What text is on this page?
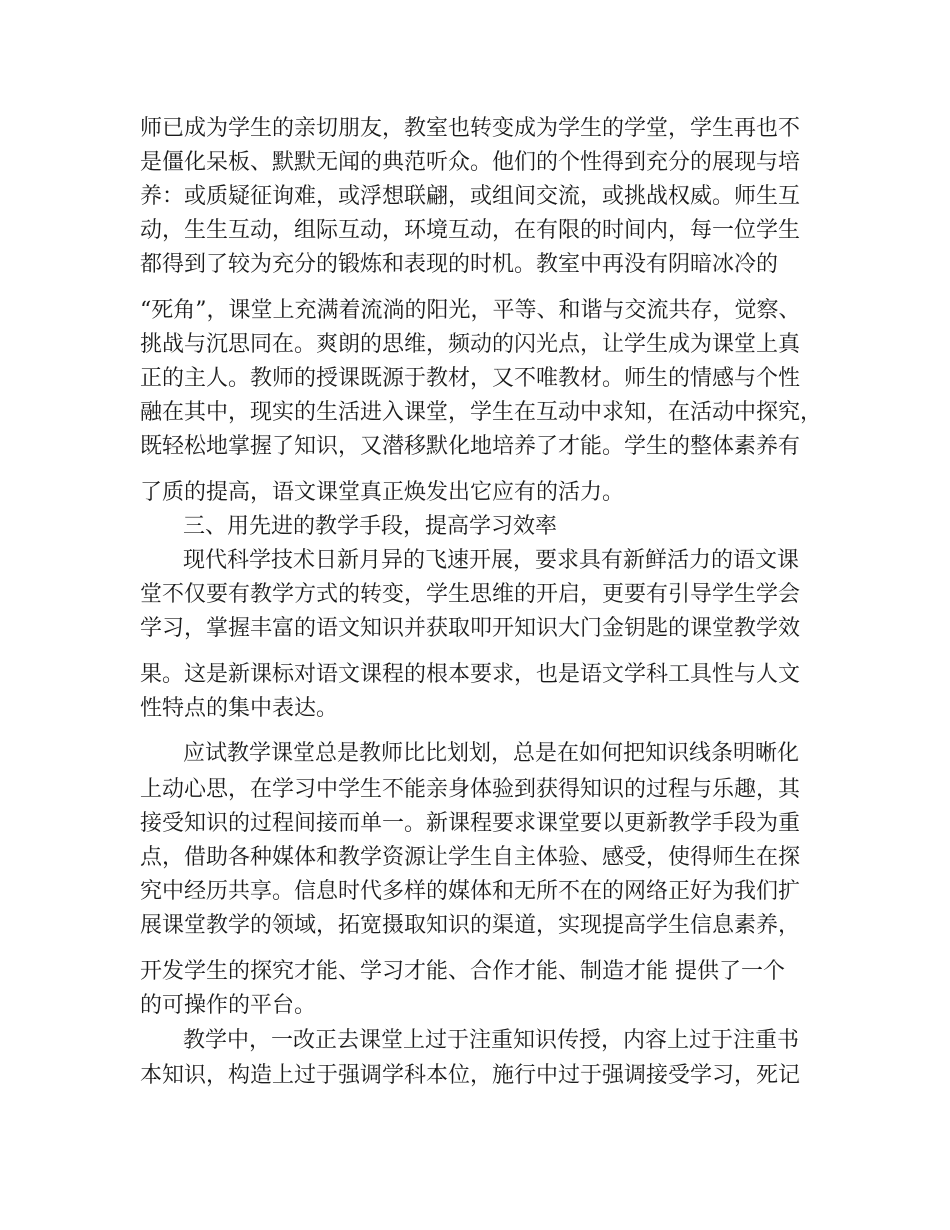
师已成为学生的亲切朋友，教室也转变成为学生的学堂，学生再也不
是僵化呆板、默默无闻的典范听众。他们的个性得到充分的展现与培
养：或质疑征询难，或浮想联翩，或组间交流，或挑战权威。师生互
动，生生互动，组际互动，环境互动，在有限的时间内，每一位学生
都得到了较为充分的锻炼和表现的时机。教室中再没有阴暗冰冷的
“死角”，课堂上充满着流淌的阳光，平等、和谐与交流共存，觉察、
挑战与沉思同在。爽朗的思维，频动的闪光点，让学生成为课堂上真
正的主人。教师的授课既源于教材，又不唯教材。师生的情感与个性
融在其中，现实的生活进入课堂，学生在互动中求知，在活动中探究，
既轻松地掌握了知识，又潜移默化地培养了才能。学生的整体素养有
了质的提高，语文课堂真正焕发出它应有的活力。
三、用先进的教学手段，提高学习效率
现代科学技术日新月异的飞速开展，要求具有新鲜活力的语文课
堂不仅要有教学方式的转变，学生思维的开启，更要有引导学生学会
学习，掌握丰富的语文知识并获取叩开知识大门金钥匙的课堂教学效
果。这是新课标对语文课程的根本要求，也是语文学科工具性与人文
性特点的集中表达。
应试教学课堂总是教师比比划划，总是在如何把知识线条明晰化
上动心思，在学习中学生不能亲身体验到获得知识的过程与乐趣，其
接受知识的过程间接而单一。新课程要求课堂要以更新教学手段为重
点，借助各种媒体和教学资源让学生自主体验、感受，使得师生在探
究中经历共享。信息时代多样的媒体和无所不在的网络正好为我们扩
展课堂教学的领域，拓宽摄取知识的渠道，实现提高学生信息素养，
开发学生的探究才能、学习才能、合作才能、制造才能 提供了一个
的可操作的平台。
教学中，一改正去课堂上过于注重知识传授，内容上过于注重书
本知识，构造上过于强调学科本位，施行中过于强调接受学习，死记
